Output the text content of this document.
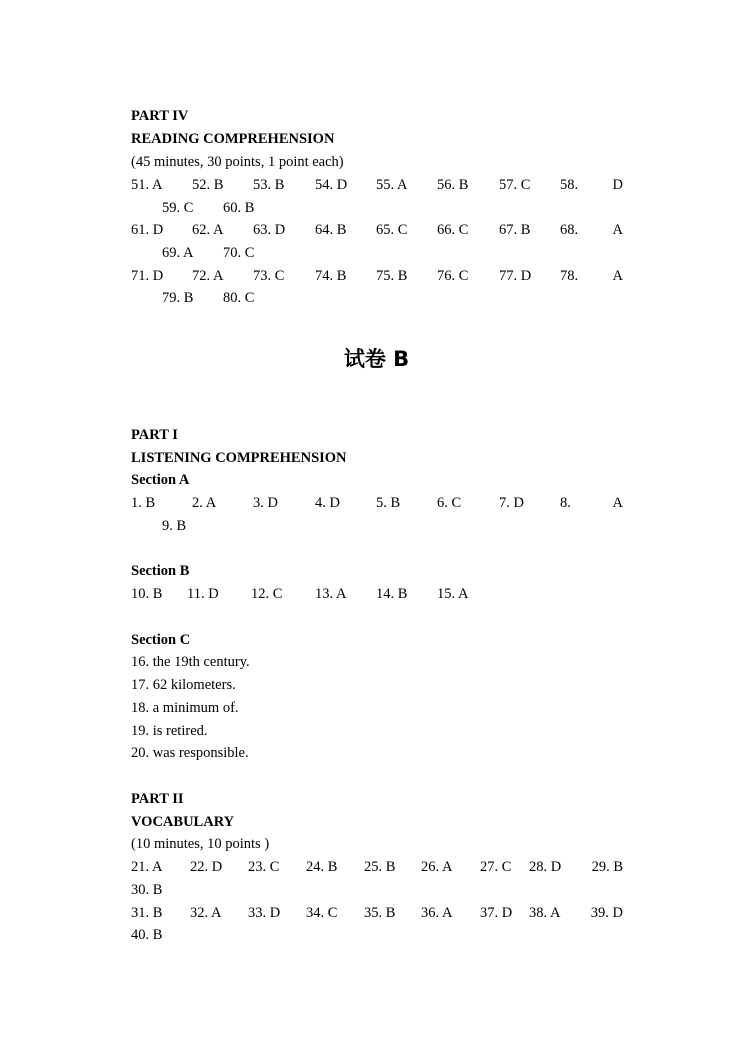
PART IV
READING COMPREHENSION
(45 minutes, 30 points, 1 point each)
51. A 52. B 53. B 54. D 55. A 56. B 57. C 58. D
59. C 60. B
61. D 62. A 63. D 64. B 65. C 66. C 67. B 68. A
69. A 70. C
71. D 72. A 73. C 74. B 75. B 76. C 77. D 78. A
79. B 80. C
试卷 B
PART I
LISTENING COMPREHENSION
Section A
1. B	2. A	3. D	4. D 5. B	6. C	7. D 8.	A
9. B
Section B
10. B 11. D 12. C 13. A 14. B 15. A
Section C
16. the 19th century.
17. 62 kilometers.
18. a minimum of.
19. is retired.
20. was responsible.
PART II
VOCABULARY
(10 minutes, 10 points )
21. A 22. D 23. C 24. B 25. B 26. A 27. C 28. D 29. B
30. B
31. B 32. A 33. D 34. C 35. B 36. A 37. D 38. A 39. D
40. B
